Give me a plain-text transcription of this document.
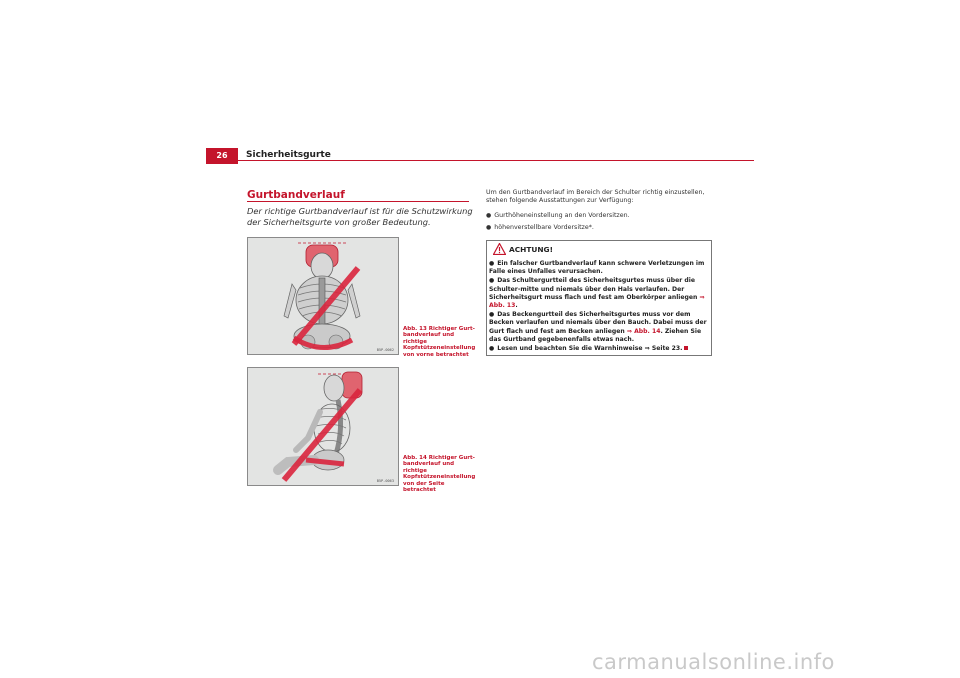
26	Sicherheitsgurte
Gurtbandverlauf
Der richtige Gurtbandverlauf ist für die Schutzwirkung der Sicherheitsgurte von großer Bedeutung.
B5P-0062
Abb. 13 Richtiger Gurt-bandverlauf und richtige Kopfstützeneinstellung von vorne betrachtet
B5P-0063
Abb. 14 Richtiger Gurt-bandverlauf und richtige Kopfstützeneinstellung von der Seite betrachtet

Um den Gurtbandverlauf im Bereich der Schulter richtig einzustellen, stehen folgende Ausstattungen zur Verfügung:

● Gurthöheneinstellung an den Vordersitzen.
● höhenverstellbare Vordersitze*.
ACHTUNG!

● Ein falscher Gurtbandverlauf kann schwere Verletzungen im Falle eines Unfalles verursachen.

● Das Schultergurtteil des Sicherheitsgurtes muss über die Schulter-mitte und niemals über den Hals verlaufen. Der Sicherheitsgurt muss flach und fest am Oberkörper anliegen ⇒ Abb. 13.

● Das Beckengurtteil des Sicherheitsgurtes muss vor dem Becken verlaufen und niemals über den Bauch. Dabei muss der Gurt flach und fest am Becken anliegen ⇒ Abb. 14. Ziehen Sie das Gurtband gegebenenfalls etwas nach.

● Lesen und beachten Sie die Warnhinweise ⇒ Seite 23.

carmanualsonline.info
